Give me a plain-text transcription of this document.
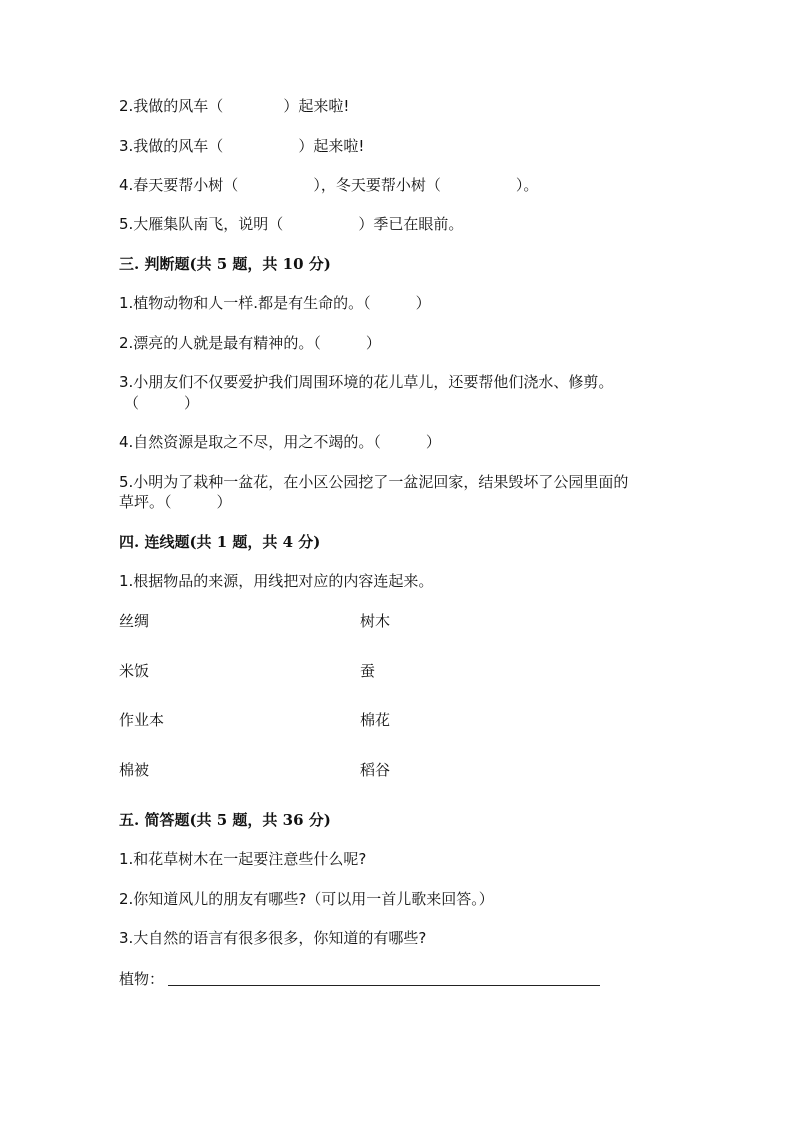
2.我做的风车（　　　　）起来啦!
3.我做的风车（　　　　　）起来啦!
4.春天要帮小树（　　　　　），冬天要帮小树（　　　　　）。
5.大雁集队南飞，说明（　　　　　）季已在眼前。
三. 判断题(共 5 题，共 10 分)
1.植物动物和人一样.都是有生命的。（　　　）
2.漂亮的人就是最有精神的。（　　　）
3.小朋友们不仅要爱护我们周围环境的花儿草儿，还要帮他们浇水、修剪。
（　　　）
4.自然资源是取之不尽，用之不竭的。（　　　）
5.小明为了栽种一盆花，在小区公园挖了一盆泥回家，结果毁坏了公园里面的
草坪。（　　　）
四. 连线题(共 1 题，共 4 分)
1.根据物品的来源，用线把对应的内容连起来。
丝绸	树木
米饭	蚕
作业本	棉花
棉被	稻谷
五. 简答题(共 5 题，共 36 分)
1.和花草树木在一起要注意些什么呢?
2.你知道风儿的朋友有哪些?（可以用一首儿歌来回答。）
3.大自然的语言有很多很多，你知道的有哪些?
植物：
